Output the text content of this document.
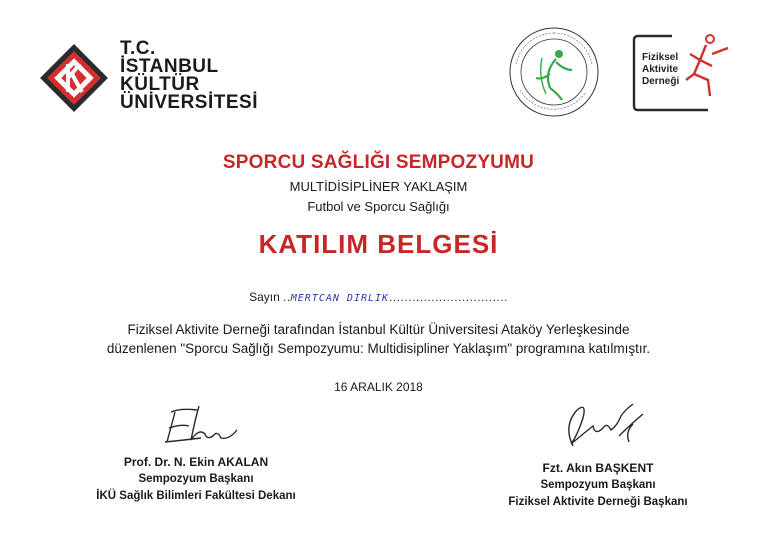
T.C.
İSTANBUL
KÜLTÜR
ÜNİVERSİTESİ
Fiziksel
Aktivite
Derneği
SPORCU SAĞLIĞI SEMPOZYUMU
MULTİDİSİPLİNER YAKLAŞIM
Futbol ve Sporcu Sağlığı
KATILIM BELGESİ
Sayın ..MERTCAN DIRLIK...............................
Fiziksel Aktivite Derneği tarafından İstanbul Kültür Üniversitesi Ataköy Yerleşkesinde
düzenlenen "Sporcu Sağlığı Sempozyumu: Multidisipliner Yaklaşım" programına katılmıştır.
16 ARALIK 2018
Prof. Dr. N. Ekin AKALAN
Sempozyum Başkanı
İKÜ Sağlık Bilimleri Fakültesi Dekanı
Fzt. Akın BAŞKENT
Sempozyum Başkanı
Fiziksel Aktivite Derneği Başkanı
